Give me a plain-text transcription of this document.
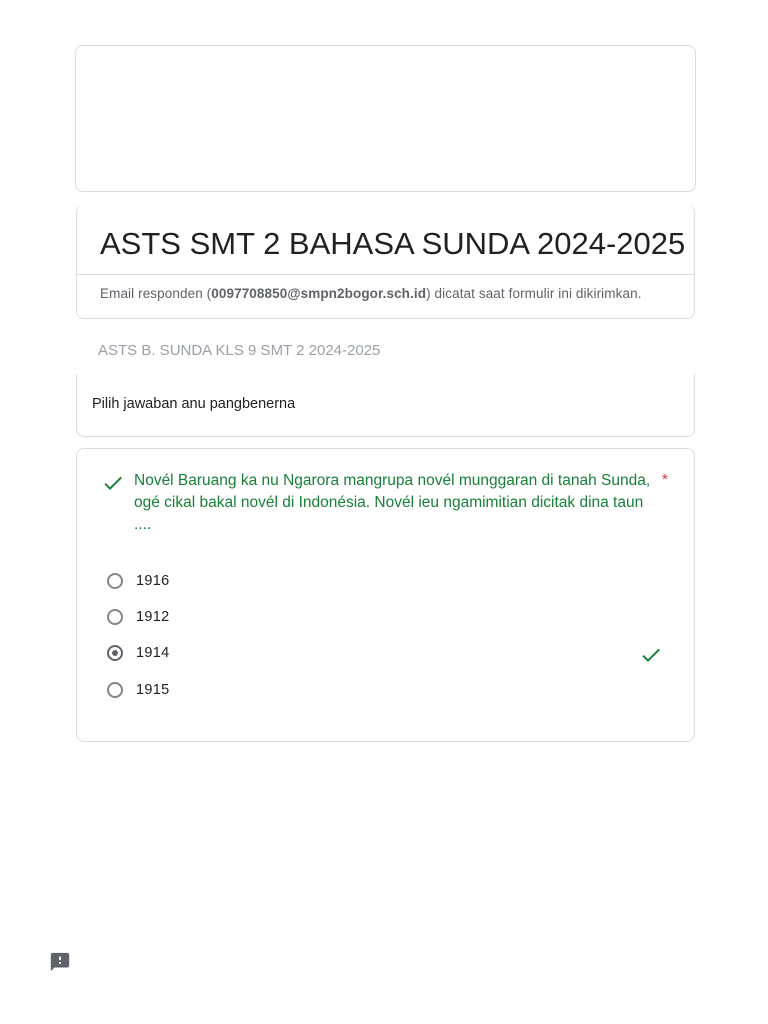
ASTS SMT 2 BAHASA SUNDA 2024-2025
Email responden (0097708850@smpn2bogor.sch.id) dicatat saat formulir ini dikirimkan.
ASTS B. SUNDA KLS 9 SMT 2 2024-2025
Pilih jawaban anu pangbenerna
Novél Baruang ka nu Ngarora mangrupa novél munggaran di tanah Sunda, ogé cikal bakal novél di Indonésia. Novél ieu ngamimitian dicitak dina taun ....
*
1916
1912
1914
1915
